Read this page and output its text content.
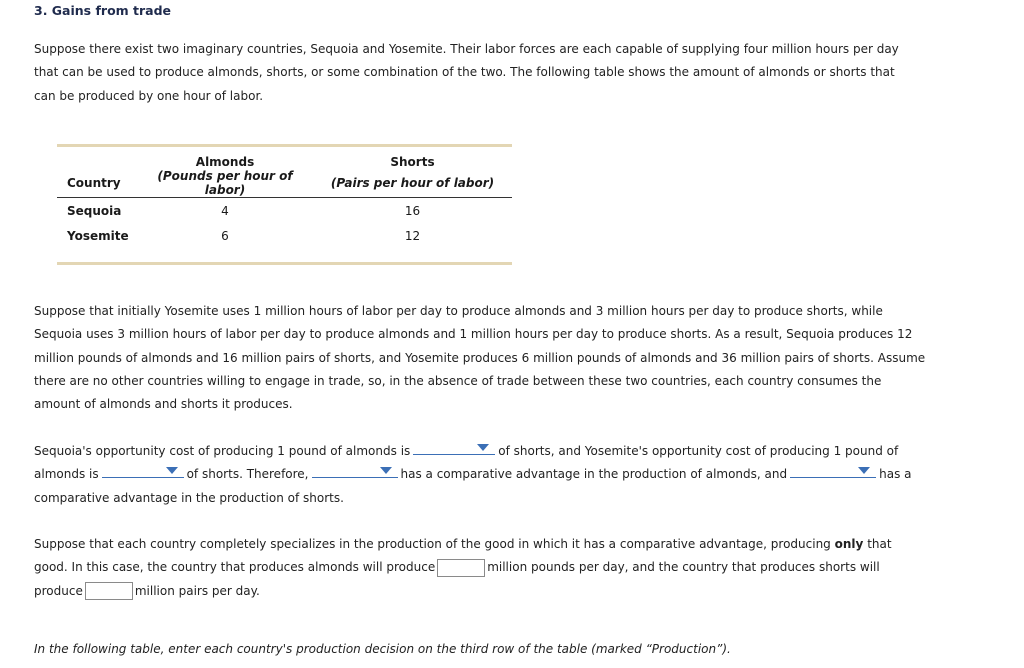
3. Gains from trade

Suppose there exist two imaginary countries, Sequoia and Yosemite. Their labor forces are each capable of supplying four million hours per day that can be used to produce almonds, shorts, or some combination of the two. The following table shows the amount of almonds or shorts that can be produced by one hour of labor.

	Almonds	Shorts
Country	(Pounds per hour of labor)	(Pairs per hour of labor)
Sequoia	4	16
Yosemite	6	12

Suppose that initially Yosemite uses 1 million hours of labor per day to produce almonds and 3 million hours per day to produce shorts, while Sequoia uses 3 million hours of labor per day to produce almonds and 1 million hours per day to produce shorts. As a result, Sequoia produces 12 million pounds of almonds and 16 million pairs of shorts, and Yosemite produces 6 million pounds of almonds and 36 million pairs of shorts. Assume there are no other countries willing to engage in trade, so, in the absence of trade between these two countries, each country consumes the amount of almonds and shorts it produces.

Sequoia's opportunity cost of producing 1 pound of almonds is	of shorts, and Yosemite's opportunity cost of producing 1 pound of almonds is	of shorts. Therefore,	has a comparative advantage in the production of almonds, and	has a comparative advantage in the production of shorts.

Suppose that each country completely specializes in the production of the good in which it has a comparative advantage, producing only that good. In this case, the country that produces almonds will produce	million pounds per day, and the country that produces shorts will produce	million pairs per day.

In the following table, enter each country's production decision on the third row of the table (marked “Production”).
